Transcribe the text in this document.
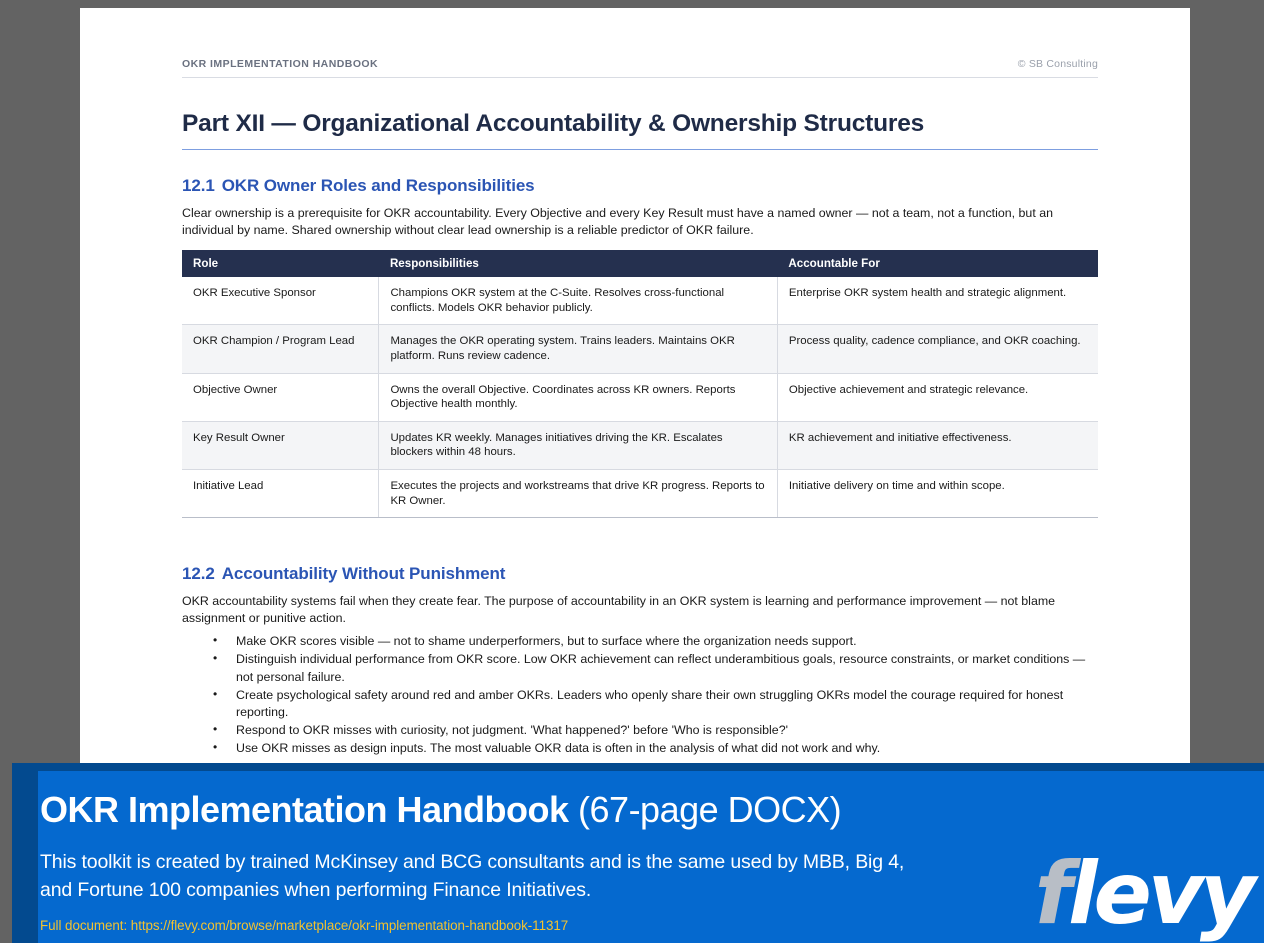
OKR IMPLEMENTATION HANDBOOK	© SB Consulting
Part XII — Organizational Accountability & Ownership Structures
12.1 OKR Owner Roles and Responsibilities

Clear ownership is a prerequisite for OKR accountability. Every Objective and every Key Result must have a named owner — not a team, not a function, but an individual by name. Shared ownership without clear lead ownership is a reliable predictor of OKR failure.

Role	Responsibilities	Accountable For
OKR Executive Sponsor	Champions OKR system at the C-Suite. Resolves cross-functional conflicts. Models OKR behavior publicly.	Enterprise OKR system health and strategic alignment.
OKR Champion / Program Lead	Manages the OKR operating system. Trains leaders. Maintains OKR platform. Runs review cadence.	Process quality, cadence compliance, and OKR coaching.
Objective Owner	Owns the overall Objective. Coordinates across KR owners. Reports Objective health monthly.	Objective achievement and strategic relevance.
Key Result Owner	Updates KR weekly. Manages initiatives driving the KR. Escalates blockers within 48 hours.	KR achievement and initiative effectiveness.
Initiative Lead	Executes the projects and workstreams that drive KR progress. Reports to KR Owner.	Initiative delivery on time and within scope.
12.2 Accountability Without Punishment

OKR accountability systems fail when they create fear. The purpose of accountability in an OKR system is learning and performance improvement — not blame assignment or punitive action.

• Make OKR scores visible — not to shame underperformers, but to surface where the organization needs support.
• Distinguish individual performance from OKR score. Low OKR achievement can reflect underambitious goals, resource constraints, or market conditions — not personal failure.
• Create psychological safety around red and amber OKRs. Leaders who openly share their own struggling OKRs model the courage required for honest reporting.
• Respond to OKR misses with curiosity, not judgment. 'What happened?' before 'Who is responsible?'
• Use OKR misses as design inputs. The most valuable OKR data is often in the analysis of what did not work and why.
OKR Implementation Handbook (67-page DOCX)
This toolkit is created by trained McKinsey and BCG consultants and is the same used by MBB, Big 4, and Fortune 100 companies when performing Finance Initiatives.
Full document: https://flevy.com/browse/marketplace/okr-implementation-handbook-11317	flevy
